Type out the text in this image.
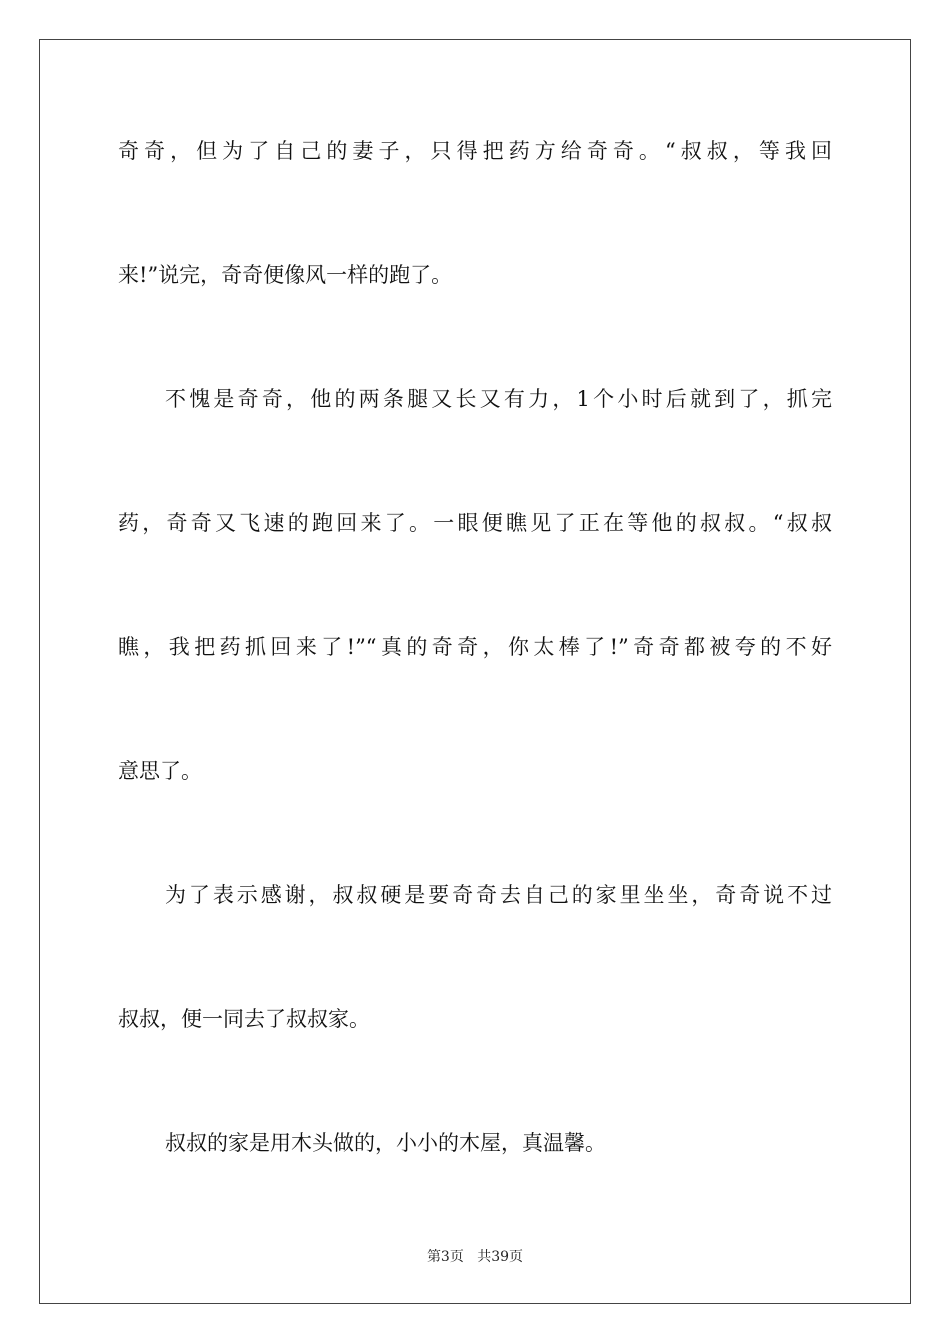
奇奇，但为了自己的妻子，只得把药方给奇奇。“叔叔，等我回
来!”说完，奇奇便像风一样的跑了。
不愧是奇奇，他的两条腿又长又有力，1个小时后就到了，抓完
药，奇奇又飞速的跑回来了。一眼便瞧见了正在等他的叔叔。“叔叔
瞧，我把药抓回来了!”“真的奇奇，你太棒了!”奇奇都被夸的不好
意思了。
为了表示感谢，叔叔硬是要奇奇去自己的家里坐坐，奇奇说不过
叔叔，便一同去了叔叔家。
叔叔的家是用木头做的，小小的木屋，真温馨。
第3页 共39页
